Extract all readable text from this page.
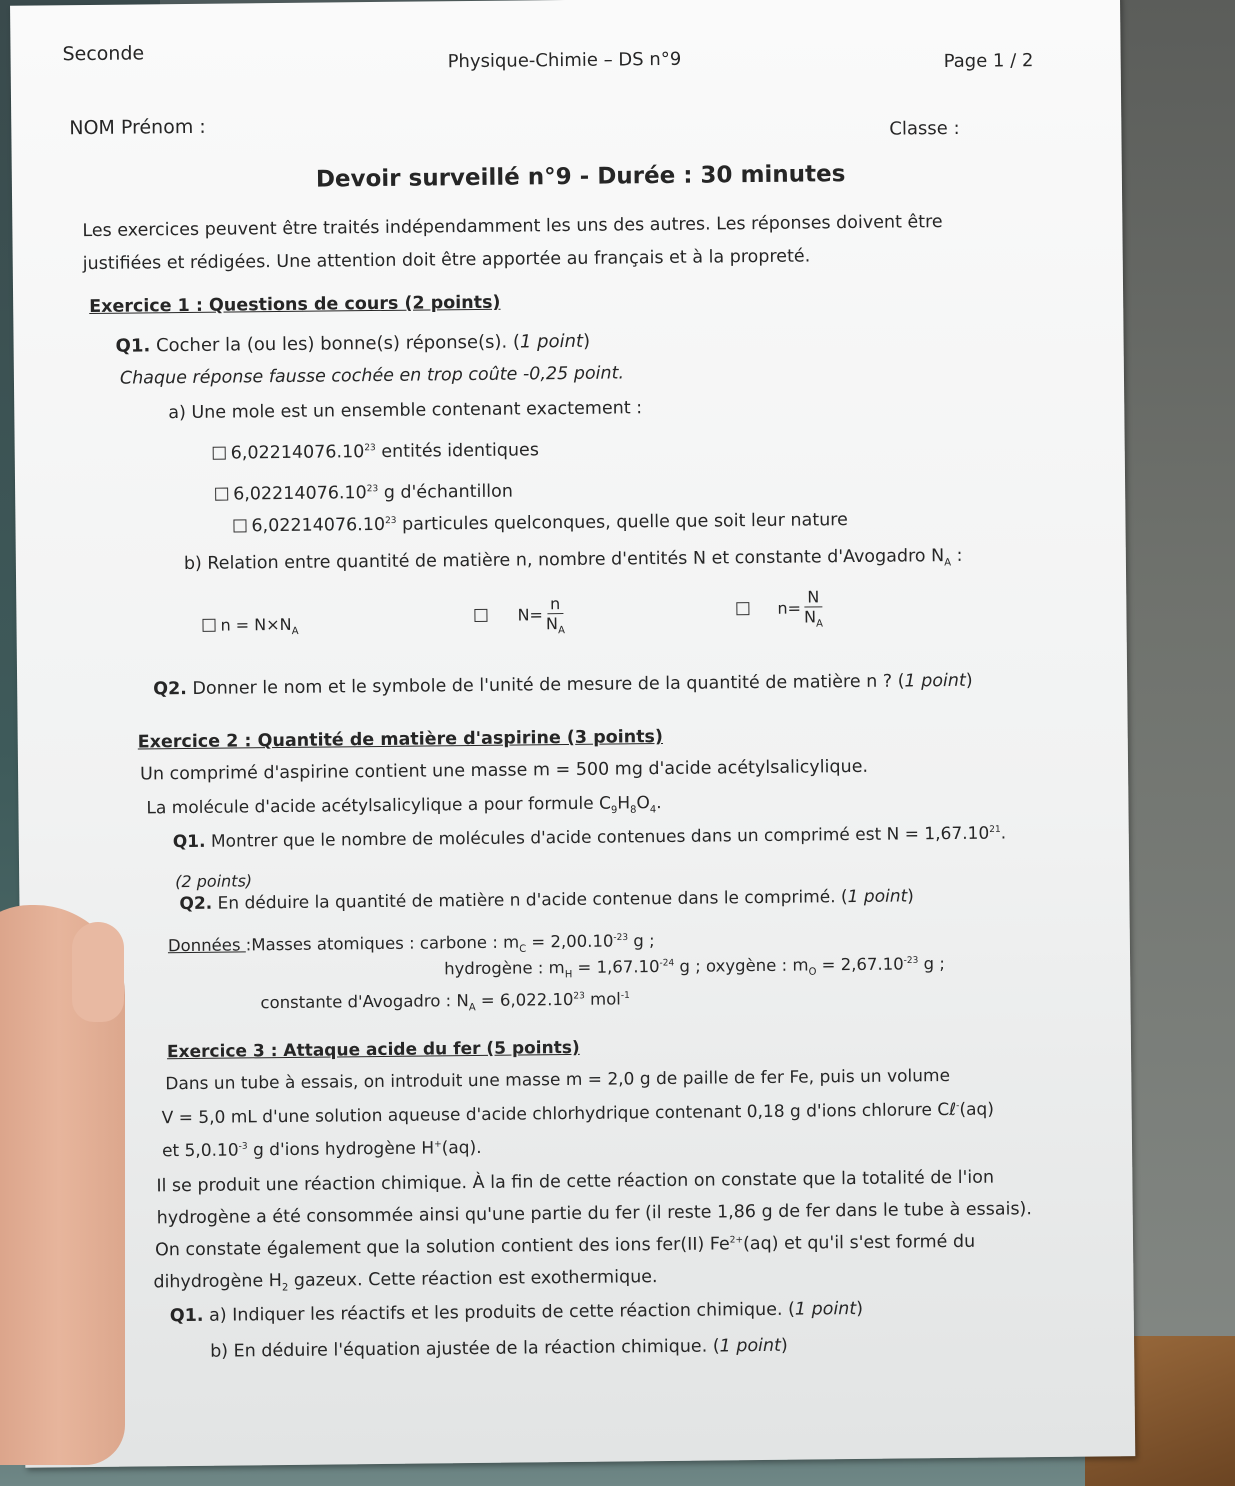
Seconde	Physique-Chimie – DS n°9	Page 1 / 2
NOM Prénom :	Classe :
Devoir surveillé n°9 - Durée : 30 minutes
Les exercices peuvent être traités indépendamment les uns des autres. Les réponses doivent être
justifiées et rédigées. Une attention doit être apportée au français et à la propreté.
Exercice 1 : Questions de cours (2 points)
Q1. Cocher la (ou les) bonne(s) réponse(s). (1 point)
Chaque réponse fausse cochée en trop coûte -0,25 point.
a) Une mole est un ensemble contenant exactement :
6,02214076.10$^{23}$ entités identiques
6,02214076.10$^{23}$ g d'échantillon
6,02214076.10$^{23}$ particules quelconques, quelle que soit leur nature
b) Relation entre quantité de matière n, nombre d'entités N et constante d'Avogadro $N_A$ :
$n = N\times N_A$
$N= \frac{n}{N_A}$	$n= \frac{N}{N_A}$
Q2. Donner le nom et le symbole de l'unité de mesure de la quantité de matière n ? (1 point)
Exercice 2 : Quantité de matière d'aspirine (3 points)
Un comprimé d'aspirine contient une masse m = 500 mg d'acide acétylsalicylique.
La molécule d'acide acétylsalicylique a pour formule $C_9H_8O_4$.
Q1. Montrer que le nombre de molécules d'acide contenues dans un comprimé est $N = 1,67.10^{21}$.
(2 points)
Q2. En déduire la quantité de matière n d'acide contenue dans le comprimé. (1 point)
Données :Masses atomiques : carbone : $m_C = 2,00.10^{-23}$ g ;
hydrogène : $m_H = 1,67.10^{-24}$ g ; oxygène : $m_O = 2,67.10^{-23}$ g ;
constante d'Avogadro : $N_A = 6,022.10^{23}$ mol$^{-1}$
Exercice 3 : Attaque acide du fer (5 points)
Dans un tube à essais, on introduit une masse m = 2,0 g de paille de fer Fe, puis un volume
V = 5,0 mL d'une solution aqueuse d'acide chlorhydrique contenant 0,18 g d'ions chlorure Cℓ-(aq)
et $5,0.10^{-3}$ g d'ions hydrogène H+(aq).
Il se produit une réaction chimique. À la fin de cette réaction on constate que la totalité de l'ion
hydrogène a été consommée ainsi qu'une partie du fer (il reste 1,86 g de fer dans le tube à essais).
On constate également que la solution contient des ions fer(II) $Fe^{2+}(aq)$ et qu'il s'est formé du
dihydrogène $H_2$ gazeux. Cette réaction est exothermique.
Q1. a) Indiquer les réactifs et les produits de cette réaction chimique. (1 point)
b) En déduire l'équation ajustée de la réaction chimique. (1 point)
